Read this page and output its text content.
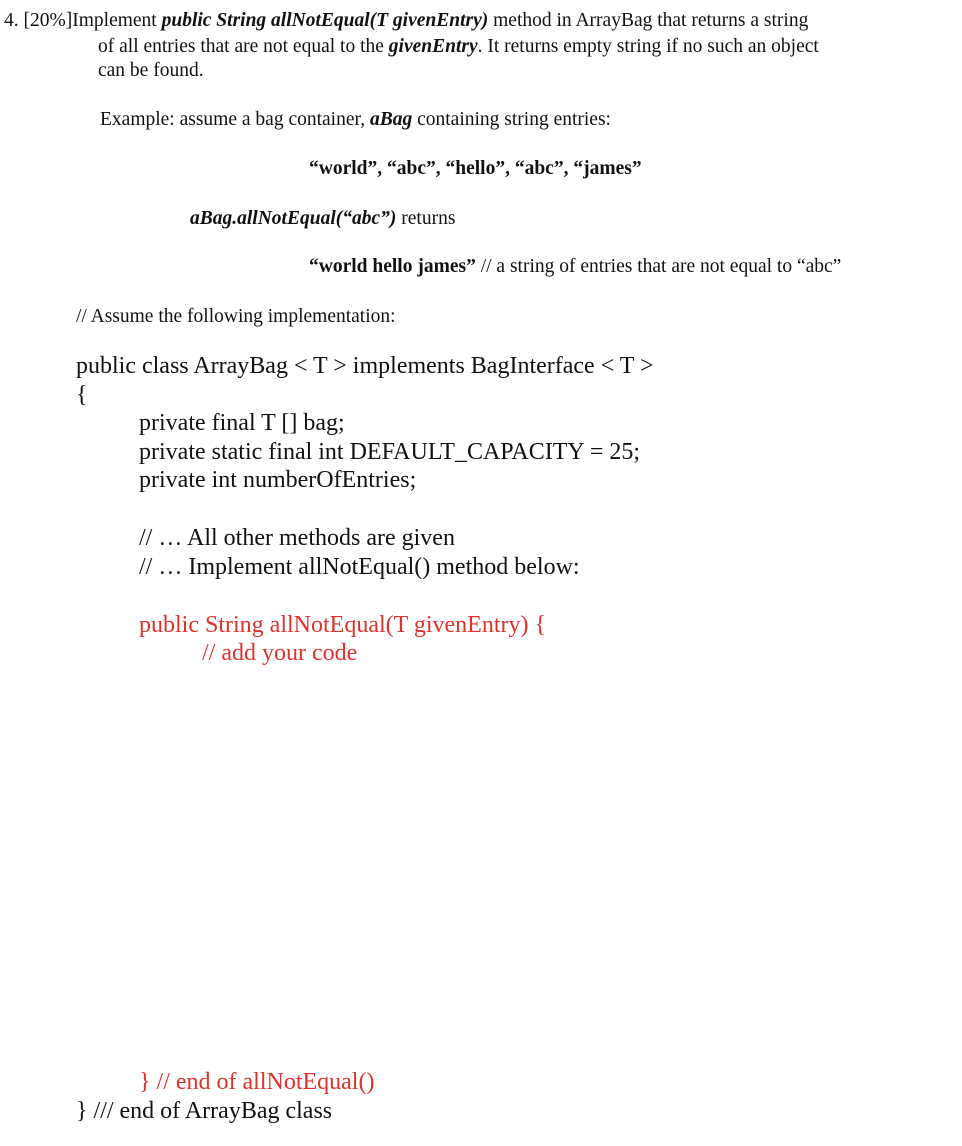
4. [20%]Implement public String allNotEqual(T givenEntry) method in ArrayBag that returns a string
of all entries that are not equal to the givenEntry. It returns empty string if no such an object
can be found.
Example: assume a bag container, aBag containing string entries:
“world”, “abc”, “hello”, “abc”, “james”
aBag.allNotEqual(“abc”) returns
“world hello james” // a string of entries that are not equal to “abc”
// Assume the following implementation:
public class ArrayBag < T > implements BagInterface < T >
{
private final T [] bag;
private static final int DEFAULT_CAPACITY = 25;
private int numberOfEntries;
// … All other methods are given
// … Implement allNotEqual() method below:
public String allNotEqual(T givenEntry) {
// add your code
} // end of allNotEqual()
} /// end of ArrayBag class
